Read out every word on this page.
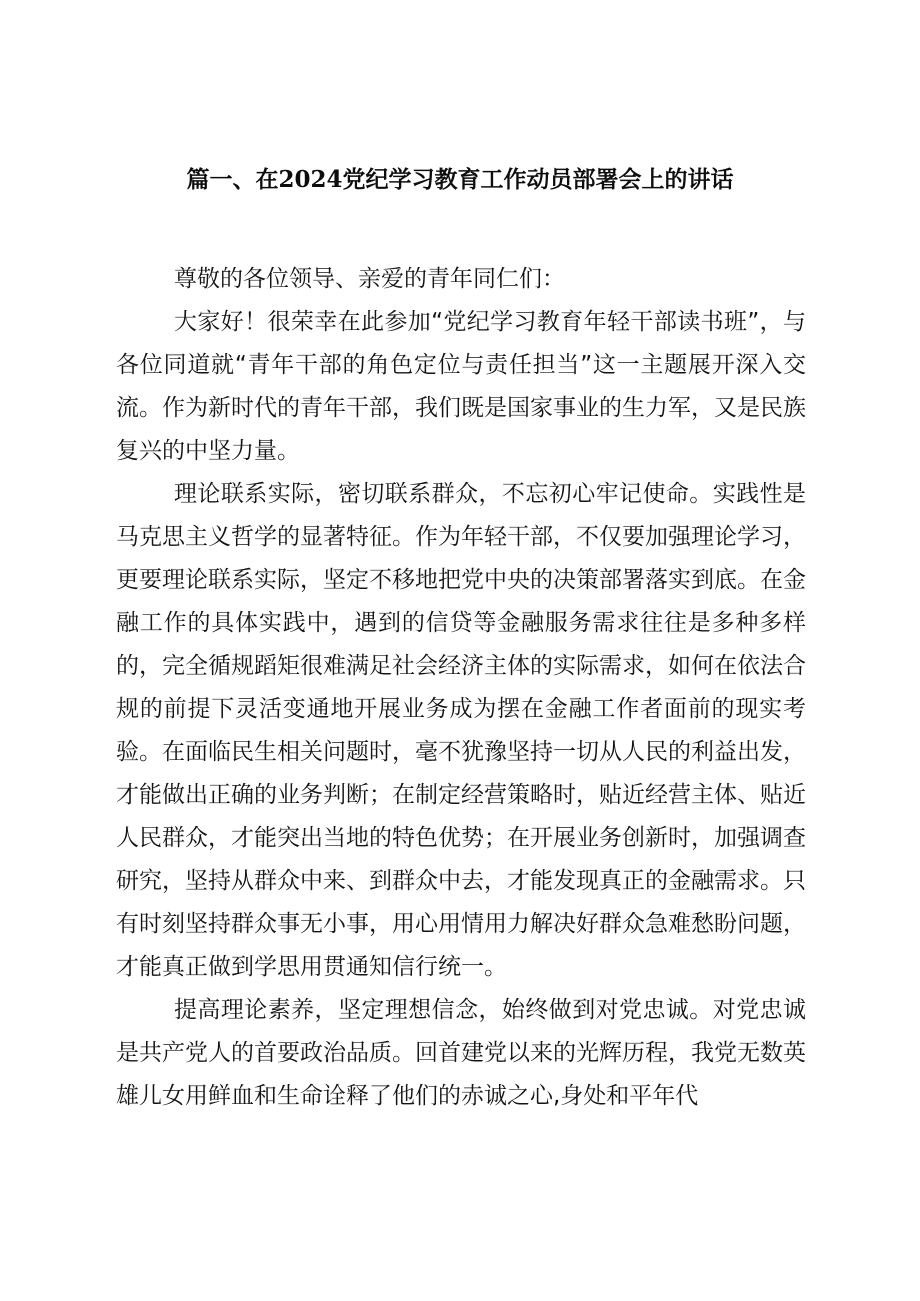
篇一、在2024党纪学习教育工作动员部署会上的讲话

尊敬的各位领导、亲爱的青年同仁们：

大家好！很荣幸在此参加“党纪学习教育年轻干部读书班”，与各位同道就“青年干部的角色定位与责任担当”这一主题展开深入交流。作为新时代的青年干部，我们既是国家事业的生力军，又是民族复兴的中坚力量。

理论联系实际，密切联系群众，不忘初心牢记使命。实践性是马克思主义哲学的显著特征。作为年轻干部，不仅要加强理论学习，更要理论联系实际，坚定不移地把党中央的决策部署落实到底。在金融工作的具体实践中，遇到的信贷等金融服务需求往往是多种多样的，完全循规蹈矩很难满足社会经济主体的实际需求，如何在依法合规的前提下灵活变通地开展业务成为摆在金融工作者面前的现实考验。在面临民生相关问题时，毫不犹豫坚持一切从人民的利益出发，才能做出正确的业务判断；在制定经营策略时，贴近经营主体、贴近人民群众，才能突出当地的特色优势；在开展业务创新时，加强调查研究，坚持从群众中来、到群众中去，才能发现真正的金融需求。只有时刻坚持群众事无小事，用心用情用力解决好群众急难愁盼问题，才能真正做到学思用贯通知信行统一。

提高理论素养，坚定理想信念，始终做到对党忠诚。对党忠诚是共产党人的首要政治品质。回首建党以来的光辉历程，我党无数英雄儿女用鲜血和生命诠释了他们的赤诚之心,身处和平年代
